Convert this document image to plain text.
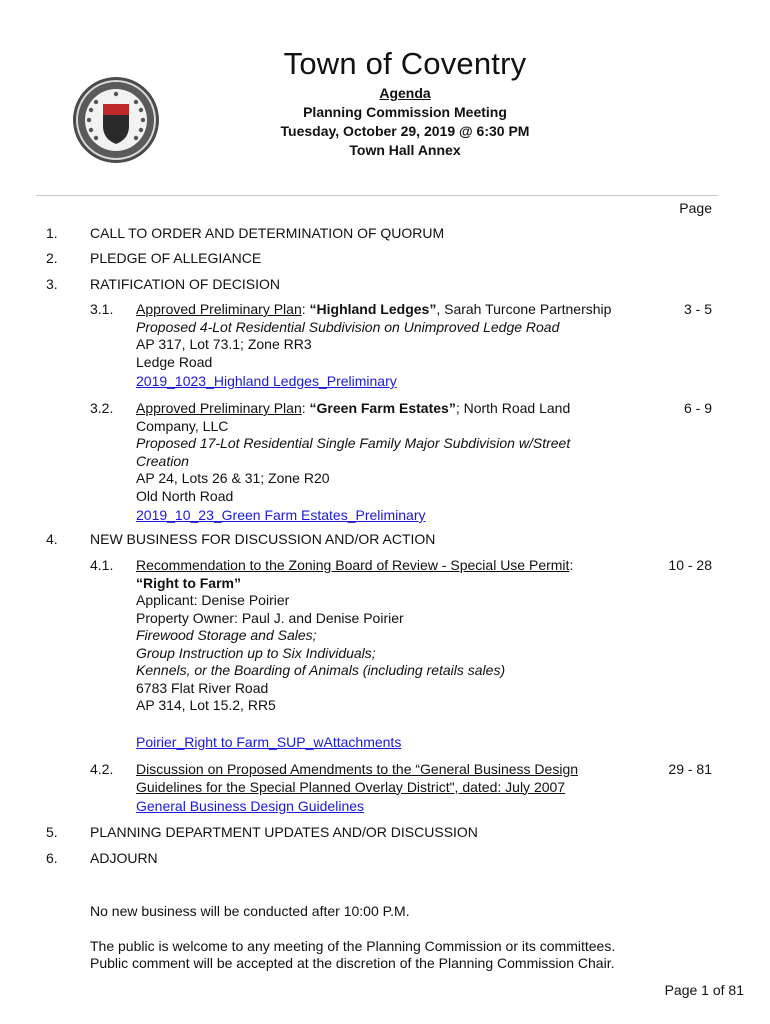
Town of Coventry
Agenda
Planning Commission Meeting
Tuesday, October 29, 2019 @ 6:30 PM
Town Hall Annex
Page
1. CALL TO ORDER AND DETERMINATION OF QUORUM
2. PLEDGE OF ALLEGIANCE
3. RATIFICATION OF DECISION
3.1. Approved Preliminary Plan: “Highland Ledges”, Sarah Turcone Partnership
Proposed 4-Lot Residential Subdivision on Unimproved Ledge Road
AP 317, Lot 73.1; Zone RR3
Ledge Road
2019_1023_Highland Ledges_Preliminary
3 - 5
3.2. Approved Preliminary Plan: “Green Farm Estates”; North Road Land
Company, LLC
Proposed 17-Lot Residential Single Family Major Subdivision w/Street
Creation
AP 24, Lots 26 & 31; Zone R20
Old North Road
2019_10_23_Green Farm Estates_Preliminary
6 - 9
4. NEW BUSINESS FOR DISCUSSION AND/OR ACTION
4.1. Recommendation to the Zoning Board of Review - Special Use Permit:
“Right to Farm”
Applicant: Denise Poirier
Property Owner: Paul J. and Denise Poirier
Firewood Storage and Sales;
Group Instruction up to Six Individuals;
Kennels, or the Boarding of Animals (including retails sales)
6783 Flat River Road
AP 314, Lot 15.2, RR5
Poirier_Right to Farm_SUP_wAttachments
10 - 28
4.2. Discussion on Proposed Amendments to the “General Business Design
Guidelines for the Special Planned Overlay District", dated: July 2007
General Business Design Guidelines
29 - 81
5. PLANNING DEPARTMENT UPDATES AND/OR DISCUSSION
6. ADJOURN
No new business will be conducted after 10:00 P.M.
The public is welcome to any meeting of the Planning Commission or its committees.
Public comment will be accepted at the discretion of the Planning Commission Chair.
Page 1 of 81
